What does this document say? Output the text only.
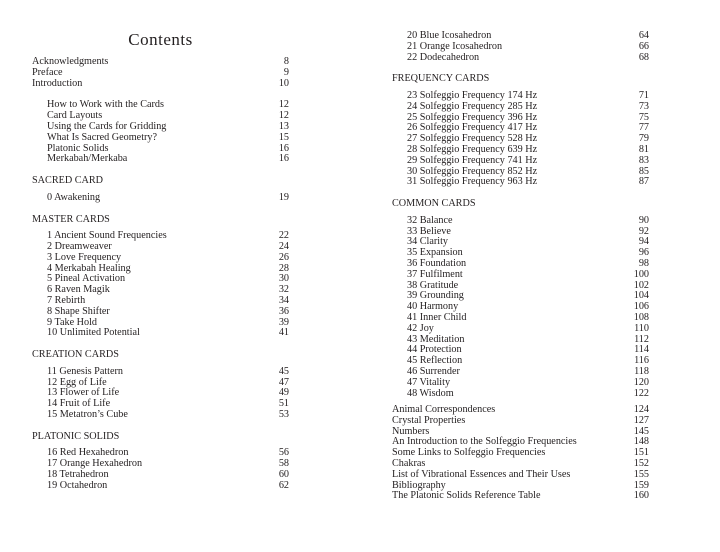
Contents
Acknowledgments	8
Preface	9
Introduction	10
How to Work with the Cards	12
Card Layouts	12
Using the Cards for Gridding	13
What Is Sacred Geometry?	15
Platonic Solids	16
Merkabah/Merkaba	16
SACRED CARD
0 Awakening	19
MASTER CARDS
1 Ancient Sound Frequencies	22
2 Dreamweaver	24
3 Love Frequency	26
4 Merkabah Healing	28
5 Pineal Activation	30
6 Raven Magik	32
7 Rebirth	34
8 Shape Shifter	36
9 Take Hold	39
10 Unlimited Potential	41
CREATION CARDS
11 Genesis Pattern	45
12 Egg of Life	47
13 Flower of Life	49
14 Fruit of Life	51
15 Metatron’s Cube	53
PLATONIC SOLIDS
16 Red Hexahedron	56
17 Orange Hexahedron	58
18 Tetrahedron	60
19 Octahedron	62
20 Blue Icosahedron	64
21 Orange Icosahedron	66
22 Dodecahedron	68
FREQUENCY CARDS
23 Solfeggio Frequency 174 Hz	71
24 Solfeggio Frequency 285 Hz	73
25 Solfeggio Frequency 396 Hz	75
26 Solfeggio Frequency 417 Hz	77
27 Solfeggio Frequency 528 Hz	79
28 Solfeggio Frequency 639 Hz	81
29 Solfeggio Frequency 741 Hz	83
30 Solfeggio Frequency 852 Hz	85
31 Solfeggio Frequency 963 Hz	87
COMMON CARDS
32 Balance	90
33 Believe	92
34 Clarity	94
35 Expansion	96
36 Foundation	98
37 Fulfilment	100
38 Gratitude	102
39 Grounding	104
40 Harmony	106
41 Inner Child	108
42 Joy	110
43 Meditation	112
44 Protection	114
45 Reflection	116
46 Surrender	118
47 Vitality	120
48 Wisdom	122
Animal Correspondences	124
Crystal Properties	127
Numbers	145
An Introduction to the Solfeggio Frequencies	148
Some Links to Solfeggio Frequencies	151
Chakras	152
List of Vibrational Essences and Their Uses	155
Bibliography	159
The Platonic Solids Reference Table	160
